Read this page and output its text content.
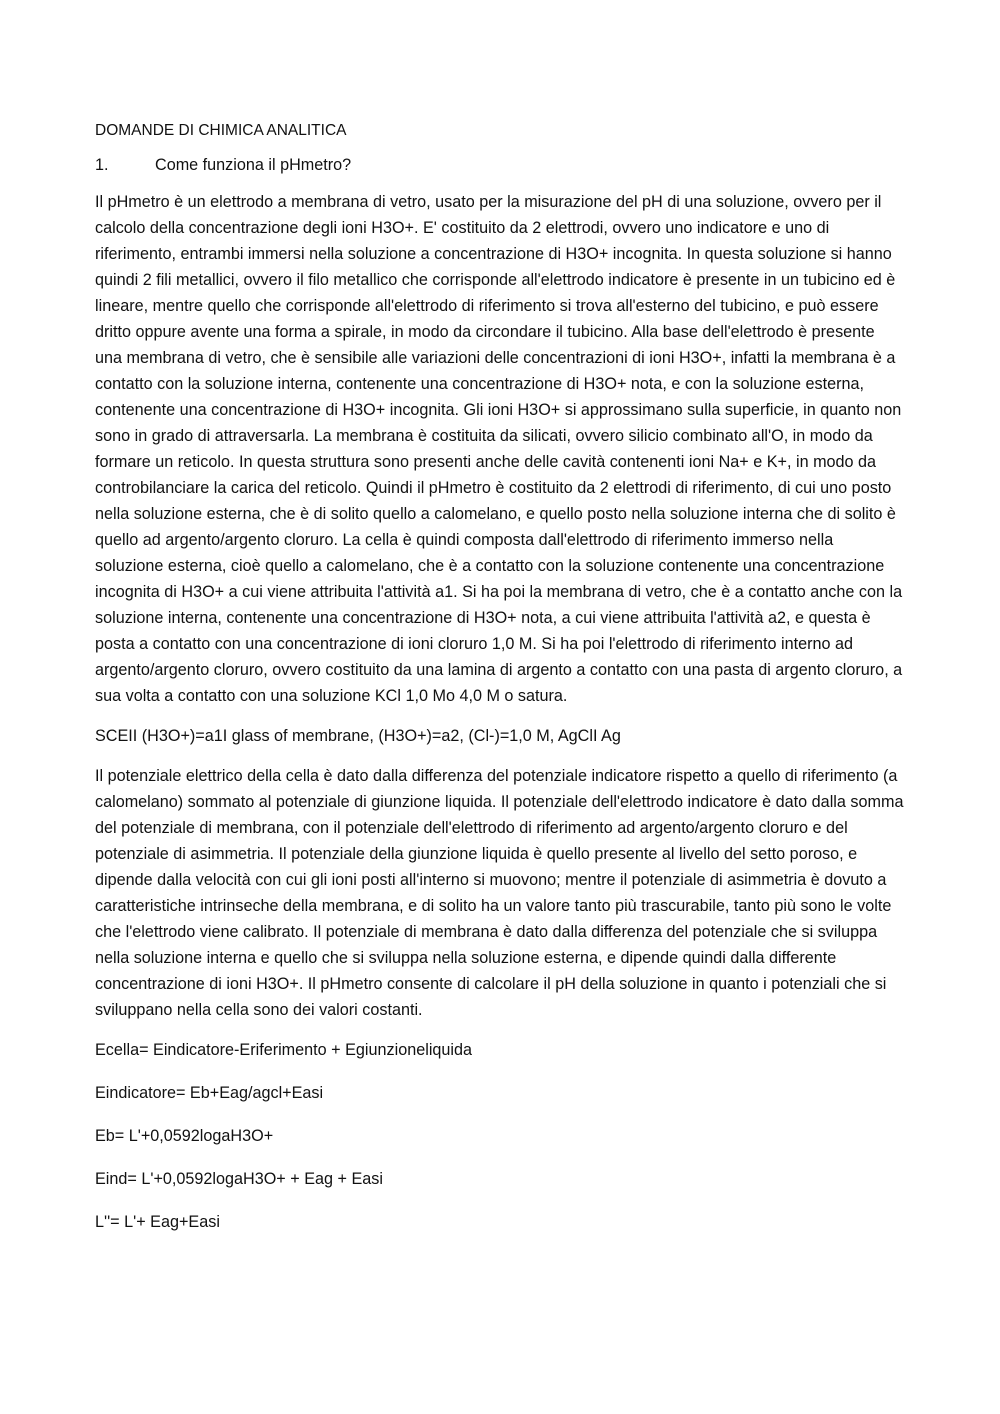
DOMANDE DI CHIMICA ANALITICA
1.	Come funziona il pHmetro?

Il pHmetro è un elettrodo a membrana di vetro, usato per la misurazione del pH di una soluzione, ovvero per il calcolo della concentrazione degli ioni H3O+. E' costituito da 2 elettrodi, ovvero uno indicatore e uno di riferimento, entrambi immersi nella soluzione a concentrazione di H3O+ incognita. In questa soluzione si hanno quindi 2 fili metallici, ovvero il filo metallico che corrisponde all'elettrodo indicatore è presente in un tubicino ed è lineare, mentre quello che corrisponde all'elettrodo di riferimento si trova all'esterno del tubicino, e può essere dritto oppure avente una forma a spirale, in modo da circondare il tubicino. Alla base dell'elettrodo è presente una membrana di vetro, che è sensibile alle variazioni delle concentrazioni di ioni H3O+, infatti la membrana è a contatto con la soluzione interna, contenente una concentrazione di H3O+ nota, e con la soluzione esterna, contenente una concentrazione di H3O+ incognita. Gli ioni H3O+ si approssimano sulla superficie, in quanto non sono in grado di attraversarla. La membrana è costituita da silicati, ovvero silicio combinato all'O, in modo da formare un reticolo. In questa struttura sono presenti anche delle cavità contenenti ioni Na+ e K+, in modo da controbilanciare la carica del reticolo. Quindi il pHmetro è costituito da 2 elettrodi di riferimento, di cui uno posto nella soluzione esterna, che è di solito quello a calomelano, e quello posto nella soluzione interna che di solito è quello ad argento/argento cloruro. La cella è quindi composta dall'elettrodo di riferimento immerso nella soluzione esterna, cioè quello a calomelano, che è a contatto con la soluzione contenente una concentrazione incognita di H3O+ a cui viene attribuita l'attività a1. Si ha poi la membrana di vetro, che è a contatto anche con la soluzione interna, contenente una concentrazione di H3O+ nota, a cui viene attribuita l'attività a2, e questa è posta a contatto con una concentrazione di ioni cloruro 1,0 M. Si ha poi l'elettrodo di riferimento interno ad argento/argento cloruro, ovvero costituito da una lamina di argento a contatto con una pasta di argento cloruro, a sua volta a contatto con una soluzione KCl 1,0 Mo 4,0 M o satura.

SCEII (H3O+)=a1I glass of membrane, (H3O+)=a2, (Cl-)=1,0 M, AgClI Ag

Il potenziale elettrico della cella è dato dalla differenza del potenziale indicatore rispetto a quello di riferimento (a calomelano) sommato al potenziale di giunzione liquida. Il potenziale dell'elettrodo indicatore è dato dalla somma del potenziale di membrana, con il potenziale dell'elettrodo di riferimento ad argento/argento cloruro e del potenziale di asimmetria. Il potenziale della giunzione liquida è quello presente al livello del setto poroso, e dipende dalla velocità con cui gli ioni posti all'interno si muovono; mentre il potenziale di asimmetria è dovuto a caratteristiche intrinseche della membrana, e di solito ha un valore tanto più trascurabile, tanto più sono le volte che l'elettrodo viene calibrato. Il potenziale di membrana è dato dalla differenza del potenziale che si sviluppa nella soluzione interna e quello che si sviluppa nella soluzione esterna, e dipende quindi dalla differente concentrazione di ioni H3O+. Il pHmetro consente di calcolare il pH della soluzione in quanto i potenziali che si sviluppano nella cella sono dei valori costanti.

Ecella= Eindicatore-Eriferimento + Egiunzioneliquida
Eindicatore= Eb+Eag/agcl+Easi
Eb= L'+0,0592logaH3O+
Eind= L'+0,0592logaH3O+ + Eag + Easi
L''= L'+ Eag+Easi
